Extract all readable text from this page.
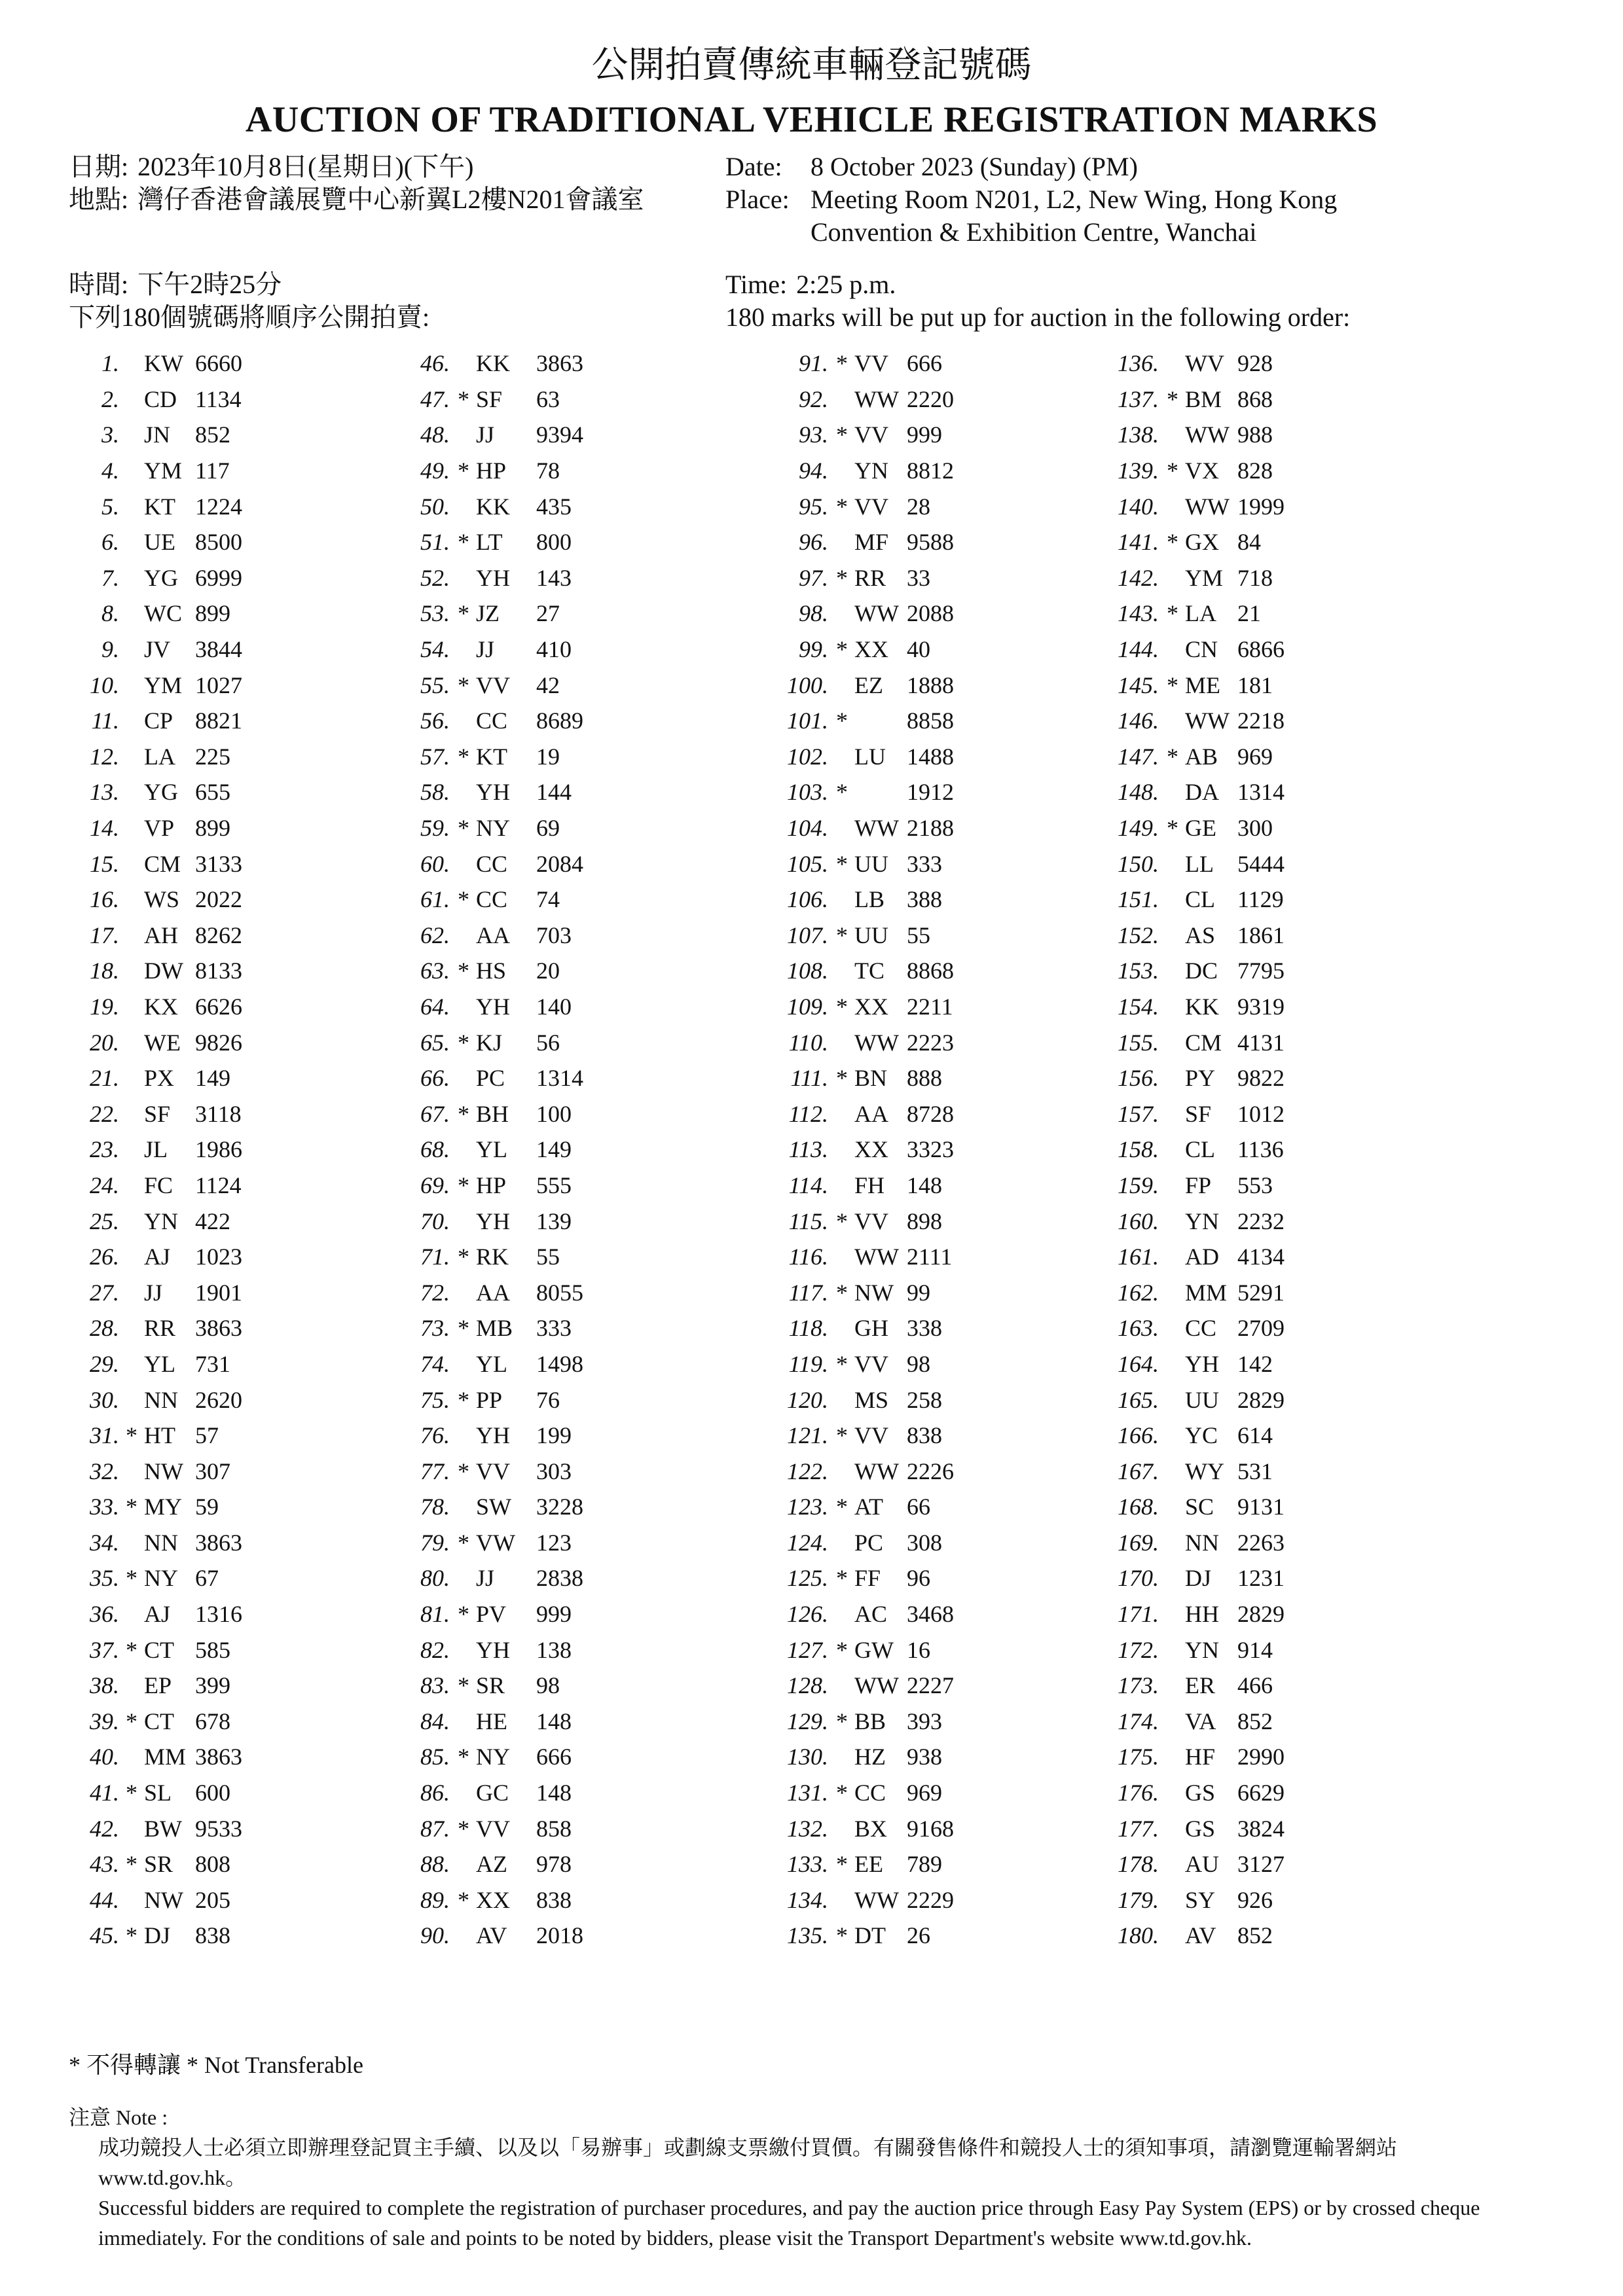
公開拍賣傳統車輛登記號碼
AUCTION OF TRADITIONAL VEHICLE REGISTRATION MARKS
日期: 2023年10月8日(星期日)(下午)
地點: 灣仔香港會議展覽中心新翼L2樓N201會議室
Date:	8 October 2023 (Sunday) (PM)
Place: Meeting Room N201, L2, New Wing, Hong Kong
Convention & Exhibition Centre, Wanchai
時間: 下午2時25分
下列180個號碼將順序公開拍賣:
Time: 2:25 p.m.
180 marks will be put up for auction in the following order:
1. KW 6660
2. CD 1134
3. JN	852
4. YM 117
5. KT 1224
6. UE 8500
7. YG 6999
8. WC 899
9. JV	3844
10. YM 1027
11. CP 8821
12. LA 225
13. YG 655
14. VP 899
15. CM 3133
16. WS 2022
17. AH 8262
18. DW 8133
19. KX 6626
20. WE 9826
21. PX 149
22. SF	3118
23. JL	1986
24. FC 1124
25. YN 422
26. AJ	1023
27. JJ	1901
28. RR 3863
29. YL 731
30. NN 2620
31. * HT 57
32. NW 307
33. * MY 59
34. NN 3863
35. * NY 67
36. AJ	1316
37. * CT 585
38. EP 399
39. * CT 678
40. MM 3863
41. * SL 600
42. BW 9533
43. * SR 808
44. NW 205
45. * DJ	838
46. KK	3863
47. * SF	63
48. JJ	9394
49. * HP	78
50. KK	435
51. * LT	800
52. YH	143
53. * JZ	27
54. JJ	410
55. * VV	42
56. CC	8689
57. * KT	19
58. YH	144
59. * NY	69
60. CC	2084
61. * CC	74
62. AA	703
63. * HS	20
64. YH	140
65. * KJ	56
66. PC	1314
67. * BH	100
68. YL	149
69. * HP	555
70. YH	139
71. * RK	55
72. AA	8055
73. * MB 333
74. YL	1498
75. * PP	76
76. YH	199
77. * VV	303
78. SW	3228
79. * VW 123
80. JJ	2838
81. * PV	999
82. YH	138
83. * SR	98
84. HE	148
85. * NY	666
86. GC	148
87. * VV	858
88. AZ	978
89. * XX	838
90. AV	2018
91. * VV 666
92. WW 2220
93. * VV 999
94. YN 8812
95. * VV 28
96. MF 9588
97. * RR 33
98. WW 2088
99. * XX 40
100. EZ	1888
101. *	8858
102. LU 1488
103. *	1912
104. WW 2188
105. * UU 333
106. LB 388
107. * UU 55
108. TC 8868
109. * XX 2211
110. WW 2223
111. * BN 888
112. AA 8728
113. XX 3323
114. FH 148
115. * VV 898
116. WW 2111
117. * NW 99
118. GH 338
119. * VV 98
120. MS 258
121. * VV 838
122. WW 2226
123. * AT	66
124. PC 308
125. * FF	96
126. AC 3468
127. * GW 16
128. WW 2227
129. * BB 393
130. HZ 938
131. * CC 969
132. BX 9168
133. * EE	789
134. WW 2229
135. * DT 26
136. WV 928
137. * BM 868
138. WW 988
139. * VX 828
140. WW 1999
141. * GX 84
142. YM 718
143. * LA 21
144. CN 6866
145. * ME 181
146. WW 2218
147. * AB 969
148. DA 1314
149. * GE 300
150. LL	5444
151. CL 1129
152. AS 1861
153. DC 7795
154. KK 9319
155. CM 4131
156. PY 9822
157. SF	1012
158. CL 1136
159. FP	553
160. YN 2232
161. AD 4134
162. MM 5291
163. CC 2709
164. YH 142
165. UU 2829
166. YC 614
167. WY 531
168. SC 9131
169. NN 2263
170. DJ	1231
171. HH 2829
172. YN 914
173. ER 466
174. VA 852
175. HF 2990
176. GS 6629
177. GS 3824
178. AU 3127
179. SY 926
180. AV 852
* 不得轉讓 * Not Transferable
注意 Note :

成功競投人士必須立即辦理登記買主手續、以及以「易辦事」或劃線支票繳付買價。有關發售條件和競投人士的須知事項，請瀏覽運輸署網站

www.td.gov.hk。

Successful bidders are required to complete the registration of purchaser procedures, and pay the auction price through Easy Pay System (EPS) or by crossed cheque

immediately. For the conditions of sale and points to be noted by bidders, please visit the Transport Department's website www.td.gov.hk.
